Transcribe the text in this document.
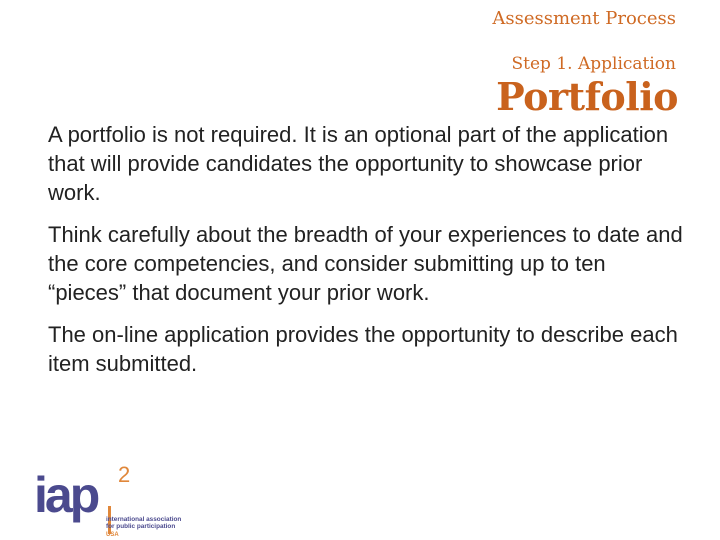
Assessment Process
Step 1. Application
Portfolio

A portfolio is not required. It is an optional part of the application that will provide candidates the opportunity to showcase prior work.

Think carefully about the breadth of your experiences to date and the core competencies, and consider submitting up to ten “pieces” that document your prior work.

The on-line application provides the opportunity to describe each item submitted.

iap 2
international association
for public participation
USA
